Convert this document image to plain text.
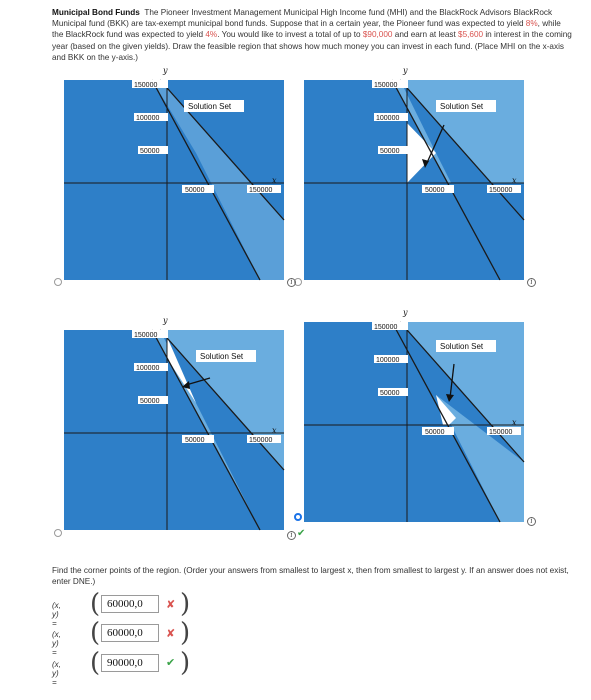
Municipal Bond Funds The Pioneer Investment Management Municipal High Income fund (MHI) and the BlackRock Advisors BlackRock Municipal fund (BKK) are tax-exempt municipal bond funds. Suppose that in a certain year, the Pioneer fund was expected to yield 8%, while the BlackRock fund was expected to yield 4%. You would like to invest a total of up to $90,000 and earn at least $5,600 in interest in the coming year (based on the given yields). Draw the feasible region that shows how much money you can invest in each fund. (Place MHI on the x-axis and BKK on the y-axis.)
150000
100000
50000
50000	150000
Solution Set
y
x
150000
100000
50000
50000	150000
Solution Set
y
x
150000
100000
50000
50000	150000
Solution Set
y
x
150000
100000
50000
50000	150000
Solution Set
y
x
i	i
i ✔
i
Find the corner points of the region. (Order your answers from smallest to largest x, then from smallest to largest y. If an answer does not exist, enter DNE.)
(x, y) =
( 60000,0	✘ )
(x, y) =
( 60000,0	✘ )
(x, y) =
( 90000,0	✔ )
